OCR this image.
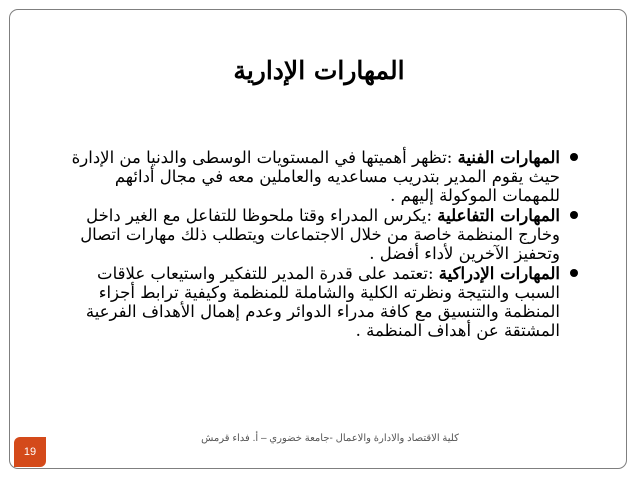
المهارات الإدارية
المهارات الفنية :تظهر أهميتها في المستويات الوسطى والدنيا من الإدارة حيث يقوم المدير بتدريب مساعديه والعاملين معه في مجال أدائهم للمهمات الموكولة إليهم .
المهارات التفاعلية :يكرس المدراء وقتا ملحوظا للتفاعل مع الغير داخل وخارج المنظمة خاصة من خلال الاجتماعات ويتطلب ذلك مهارات اتصال وتحفيز الآخرين لأداء أفضل .
المهارات الإدراكية :تعتمد على قدرة المدير للتفكير واستيعاب علاقات السبب والنتيجة ونظرته الكلية والشاملة للمنظمة وكيفية ترابط أجزاء المنظمة والتنسيق مع كافة مدراء الدوائر وعدم إهمال الأهداف الفرعية المشتقة عن أهداف المنظمة .
كلية الاقتصاد والادارة والاعمال -جامعة خضوري – أ. فداء قرمش
19
